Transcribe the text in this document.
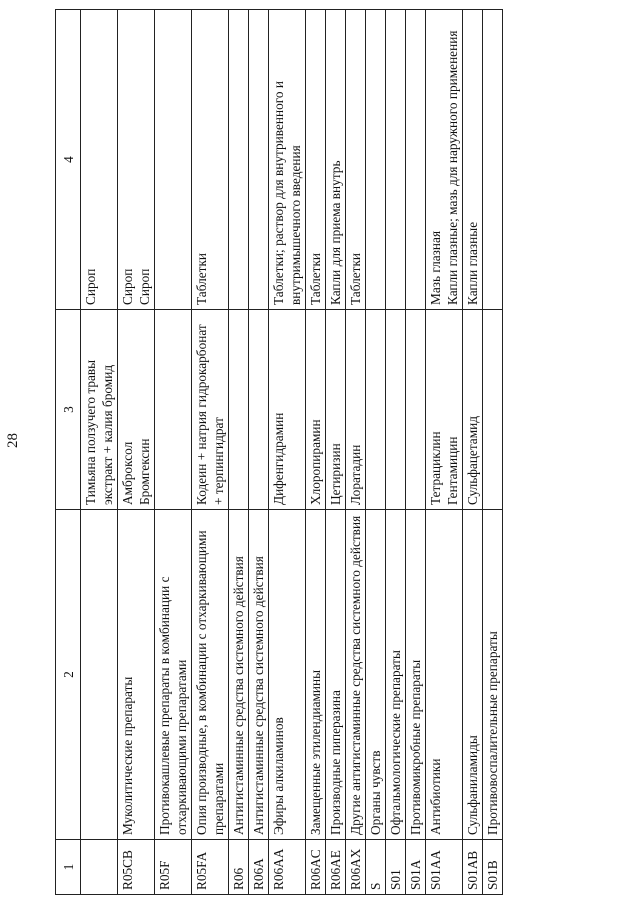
28
1	2	3	4

		Тимьяна ползучего травы экстракт + калия бромид	Сироп

R05CB	Муколитические препараты	Амброксол Бромгексин	Сироп Сироп

R05F	Противокашлевые препараты в комбинации с отхаркивающими препаратами		
R05FA	Опия производные, в комбинации с отхаркивающими препаратами	Кодеин + натрия гидрокарбонат + терпингидрат	Таблетки

R06	Антигистаминные средства системного действия		
R06A	Антигистаминные средства системного действия		
R06AA	Эфиры алкиламинов	Дифенгидрамин	Таблетки; раствор для внутривенного и внутримышечного введения

R06AC	Замещенные этилендиамины	Хлоропирамин	Таблетки

R06AE	Производные пиперазина	Цетиризин	Капли для приема внутрь

R06AX	Другие антигистаминные средства системного действия	Лоратадин	Таблетки

S	Органы чувств		
S01	Офтальмологические препараты		
S01A	Противомикробные препараты		
S01AA	Антибиотики	Тетрациклин Гентамицин	Мазь глазная Капли глазные; мазь для наружного применения

S01AB	Сульфаниламиды	Сульфацетамид	Капли глазные

S01B	Противовоспалительные препараты		
